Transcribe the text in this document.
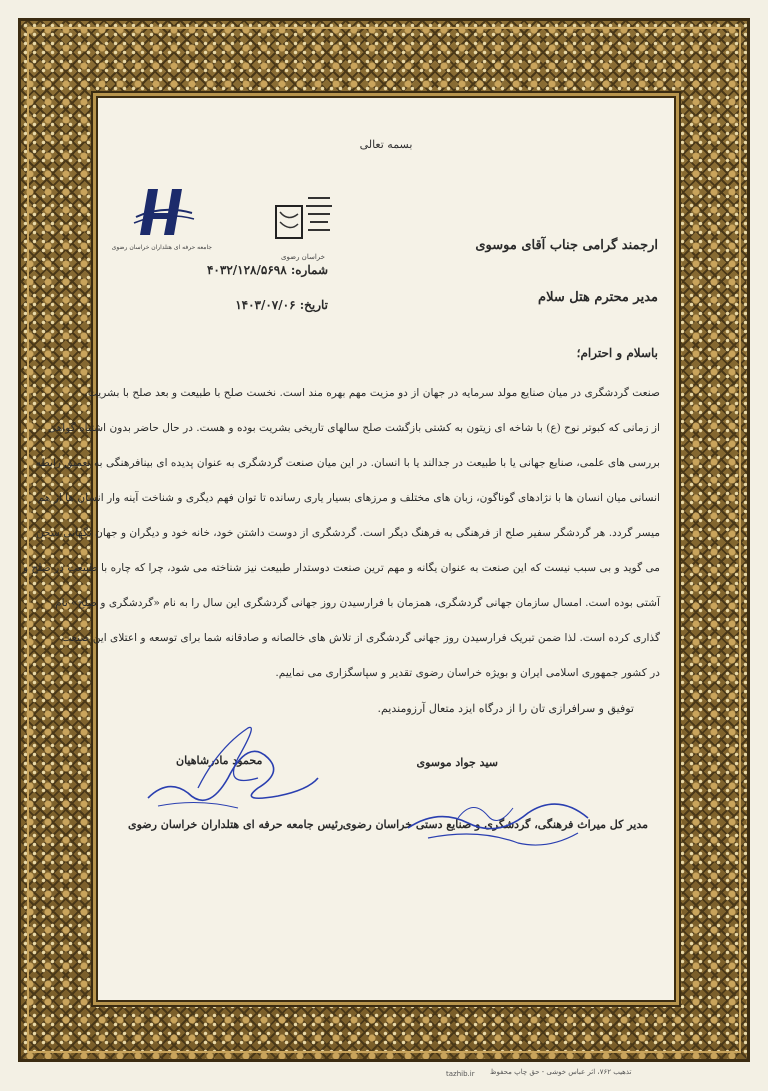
بسمه تعالی
جامعه حرفه ای هتلداران خراسان رضوی
خراسان رضوی
شماره: ۴۰۳۲/۱۲۸/۵۶۹۸
تاریخ: ۱۴۰۳/۰۷/۰۶
ارجمند گرامی جناب آقای موسوی
مدیر محترم هتل سلام
باسلام و احترام؛
صنعت گردشگری در میان صنایع مولد سرمایه در جهان از دو مزیت مهم بهره مند است. نخست صلح با طبیعت و بعد صلح با بشریت.
از زمانی که کبوتر نوح (ع) با شاخه ای زیتون به کشتی بازگشت صلح سالهای تاریخی بشریت بوده و هست. در حال حاضر بدون اشتباه گواهی
بررسی های علمی، صنایع جهانی یا با طبیعت در جدالند یا با انسان. در این میان صنعت گردشگری به عنوان پدیده ای بینافرهنگی به تعمیق رابطه
انسانی میان انسان ها با نژادهای گوناگون، زبان های مختلف و مرزهای بسیار یاری رسانده تا توان فهم دیگری و شناخت آینه وار انسان ها از هم
میسر گردد. هر گردشگر سفیر صلح از فرهنگی به فرهنگ دیگر است. گردشگری از دوست داشتن خود، خانه خود و دیگران و جهان نگهانی سخن
می گوید و بی سبب نیست که این صنعت به عنوان یگانه و مهم ترین صنعت دوستدار طبیعت نیز شناخته می شود، چرا که چاره با طبیعت در صلح و
آشتی بوده است. امسال سازمان جهانی گردشگری، همزمان با فرارسیدن روز جهانی گردشگری این سال را به نام «گردشگری و صلح» نام
گذاری کرده است. لذا ضمن تبریک فرارسیدن روز جهانی گردشگری از تلاش های خالصانه و صادقانه شما برای توسعه و اعتلای این صنعت
در کشور جمهوری اسلامی ایران و بویژه خراسان رضوی تقدیر و سپاسگزاری می نماییم.
توفیق و سرافرازی تان را از درگاه ایزد متعال آرزومندیم.
سید جواد موسوی
مدیر کل میراث فرهنگی، گردشگری و صنایع دستی خراسان رضوی
محمود مادرشاهیان
رئیس جامعه حرفه ای هتلداران خراسان رضوی
تذهیب ۷۶۲، اثر عباس خوشی - حق چاپ محفوظ
tazhib.ir
